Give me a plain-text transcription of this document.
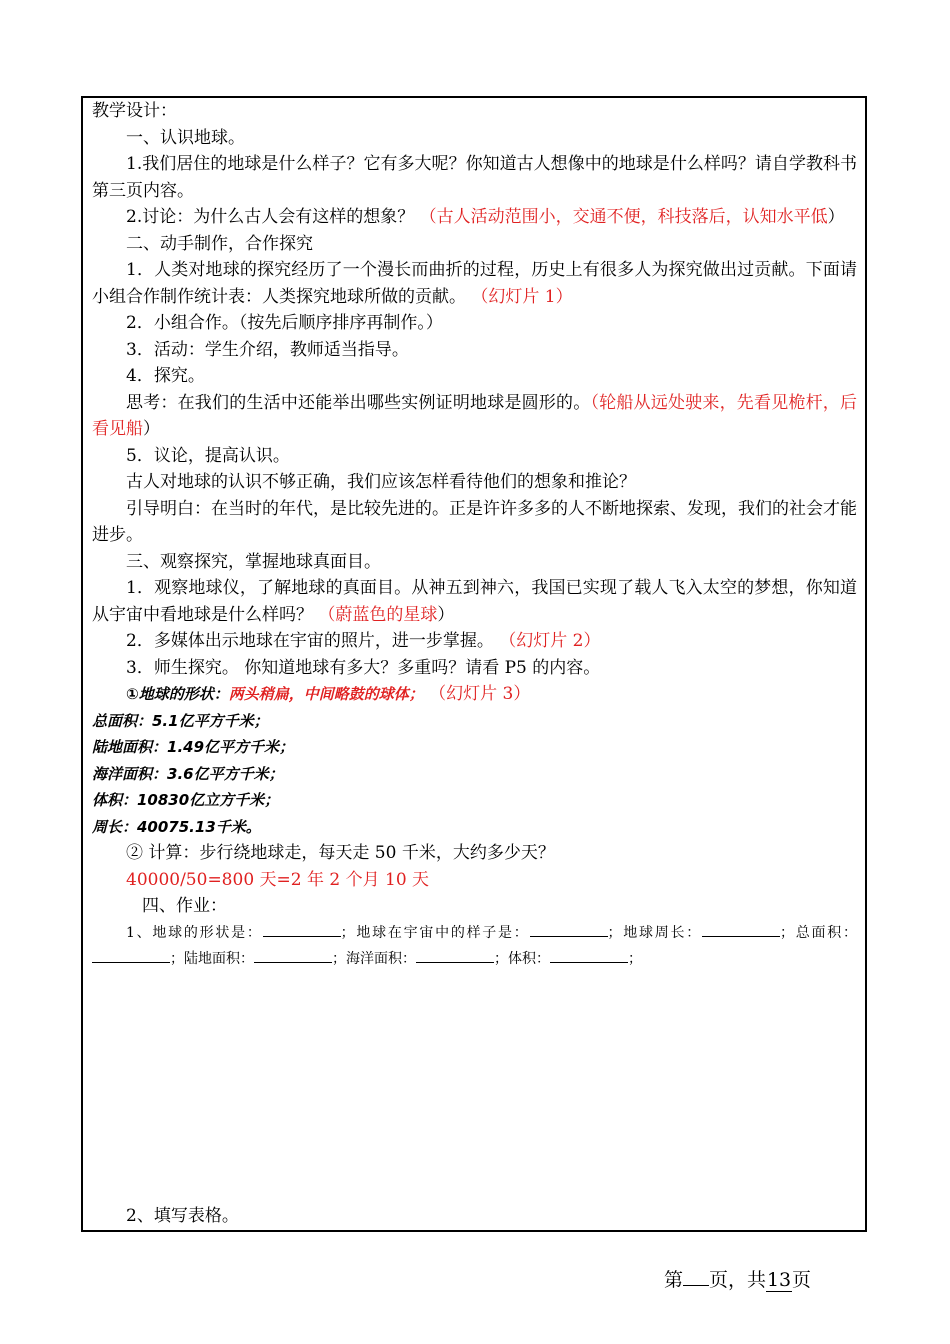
教学设计：
一、认识地球。
1.我们居住的地球是什么样子？它有多大呢？你知道古人想像中的地球是什么样吗？请自学教科书第三页内容。
2.讨论：为什么古人会有这样的想象？ （古人活动范围小，交通不便，科技落后，认知水平低）
二、动手制作，合作探究
1．人类对地球的探究经历了一个漫长而曲折的过程，历史上有很多人为探究做出过贡献。下面请小组合作制作统计表：人类探究地球所做的贡献。 （幻灯片 1）
2．小组合作。（按先后顺序排序再制作。）
3．活动：学生介绍，教师适当指导。
4．探究。
思考：在我们的生活中还能举出哪些实例证明地球是圆形的。（轮船从远处驶来，先看见桅杆，后看见船）
5．议论，提高认识。
古人对地球的认识不够正确，我们应该怎样看待他们的想象和推论？
引导明白：在当时的年代，是比较先进的。正是许许多多的人不断地探索、发现，我们的社会才能进步。
三、观察探究，掌握地球真面目。
1．观察地球仪，了解地球的真面目。从神五到神六，我国已实现了载人飞入太空的梦想，你知道从宇宙中看地球是什么样吗？ （蔚蓝色的星球）
2．多媒体出示地球在宇宙的照片，进一步掌握。 （幻灯片 2）
3．师生探究。 你知道地球有多大？多重吗？请看 P5 的内容。
①地球的形状：两头稍扁，中间略鼓的球体； （幻灯片 3）
总面积：5.1亿平方千米；
陆地面积：1.49亿平方千米；
海洋面积：3.6亿平方千米；
体积：10830亿立方千米；
周长：40075.13千米。
② 计算：步行绕地球走，每天走 50 千米，大约多少天？
40000/50=800 天=2 年 2 个月 10 天
四、作业：
1、地球的形状是：	；地球在宇宙中的样子是：	；地球周长：	；总面积：；陆地面积：	；海洋面积：	；体积：	；
2、填写表格。
第 页，共13页
